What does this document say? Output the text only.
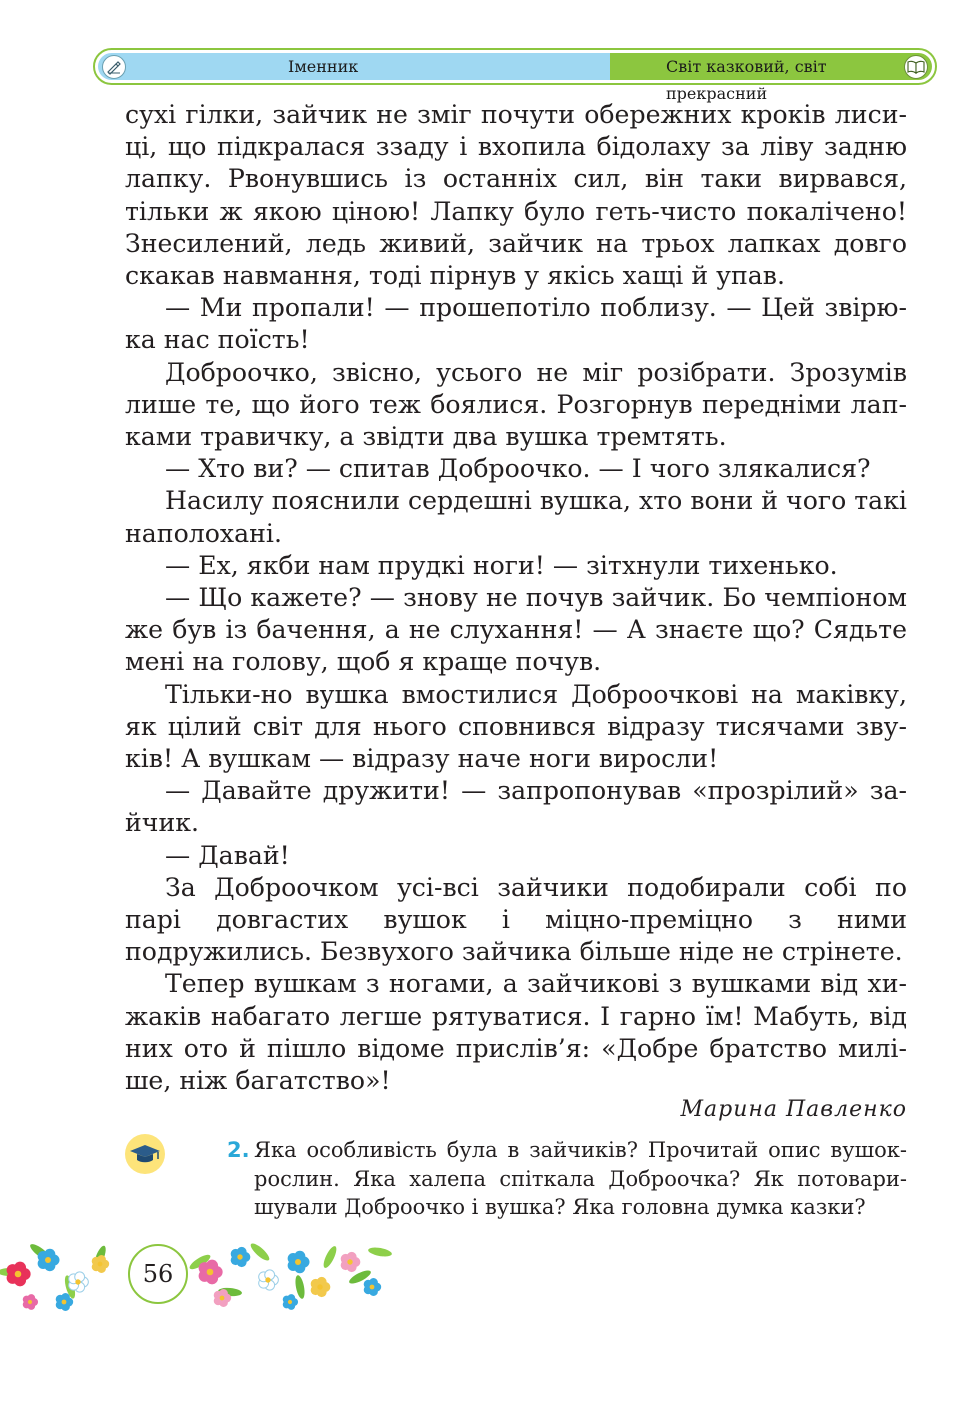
Іменник	Світ казковий, світ прекрасний

сухі гілки, зайчик не зміг почути обережних кроків лиси-ці, що підкралася ззаду і вхопила бідолаху за ліву задню лапку. Рвонувшись із останніх сил, він таки вирвався, тільки ж якою ціною! Лапку було геть-чисто покалічено! Знесилений, ледь живий, зайчик на трьох лапках довго скакав навмання, тоді пірнув у якісь хащі й упав.

— Ми пропали! — прошепотіло поблизу. — Цей звірю-ка нас поїсть!

Доброочко, звісно, усього не міг розібрати. Зрозумів лише те, що його теж боялися. Розгорнув передніми лап-ками травичку, а звідти два вушка тремтять.

— Хто ви? — спитав Доброочко. — І чого злякалися?

Насилу пояснили сердешні вушка, хто вони й чого такі наполохані.

— Ех, якби нам прудкі ноги! — зітхнули тихенько.

— Що кажете? — знову не почув зайчик. Бо чемпіоном же був із бачення, а не слухання! — А знаєте що? Сядьте мені на голову, щоб я краще почув.

Тільки-но вушка вмостилися Доброочкові на маківку, як цілий світ для нього сповнився відразу тисячами зву-ків! А вушкам — відразу наче ноги виросли!

— Давайте дружити! — запропонував «прозрілий» за-йчик.

— Давай!

За Доброочком усі-всі зайчики подобирали собі по парі довгастих вушок і міцно-преміцно з ними подружились. Безвухого зайчика більше ніде не стрінете.

Тепер вушкам з ногами, а зайчикові з вушками від хи-жаків набагато легше рятуватися. І гарно їм! Мабуть, від них ото й пішло відоме прислів’я: «Добре братство милі-ше, ніж багатство»!

Марина Павленко
2. Яка особливість була в зайчиків? Прочитай опис вушок-рослин. Яка халепа спіткала Доброочка? Як потовари-шували Доброочко і вушка? Яка головна думка казки?
56
